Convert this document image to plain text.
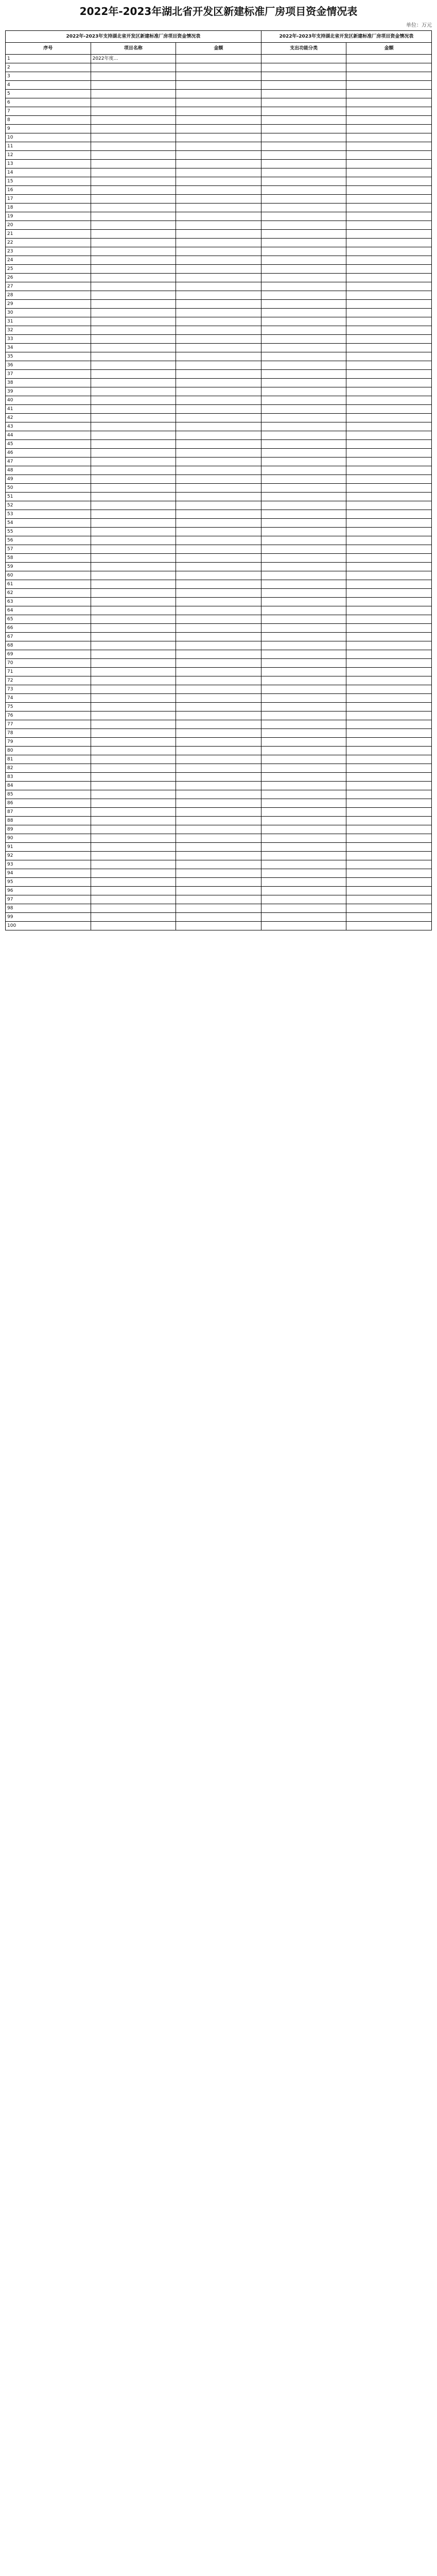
2022年-2023年湖北省开发区新建标准厂房项目资金情况表
单位：万元
2022年-2023年支持湖北省开发区新建标准厂房项目资金情况表			2022年-2023年支持湖北省开发区新建标准厂房项目资金情况表	
序号	项目名称	金额	支出功能分类	金额
1	2022年度…			
2				
3				
4				
5				
6				
7				
8				
9				
10				
11				
12				
13				
14				
15				
16				
17				
18				
19				
20				
21				
22				
23				
24				
25				
26				
27				
28				
29				
30				
31				
32				
33				
34				
35				
36				
37				
38				
39				
40				
41				
42				
43				
44				
45				
46				
47				
48				
49				
50				
51				
52				
53				
54				
55				
56				
57				
58				
59				
60				
61				
62				
63				
64				
65				
66				
67				
68				
69				
70				
71				
72				
73				
74				
75				
76				
77				
78				
79				
80				
81				
82				
83				
84				
85				
86				
87				
88				
89				
90				
91				
92				
93				
94				
95				
96				
97				
98				
99				
100				
